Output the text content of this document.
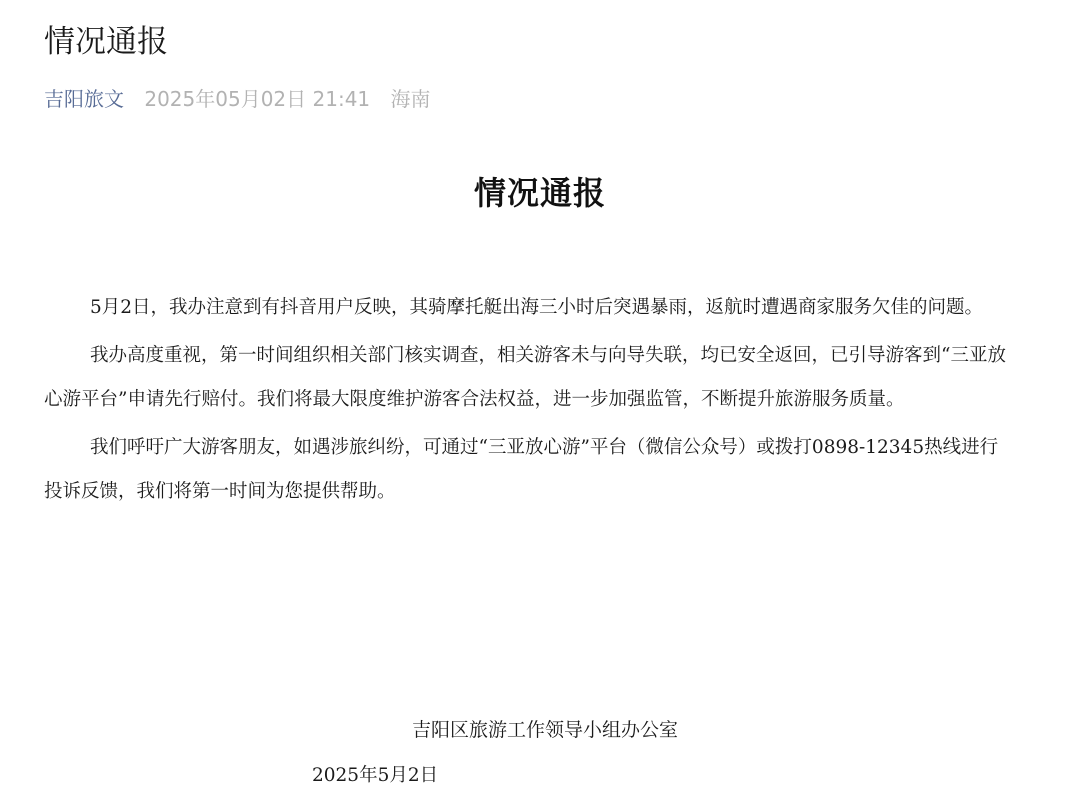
情况通报
吉阳旅文 2025年05月02日 21:41 海南
情况通报

5月2日，我办注意到有抖音用户反映，其骑摩托艇出海三小时后突遇暴雨，返航时遭遇商家服务欠佳的问题。

我办高度重视，第一时间组织相关部门核实调查，相关游客未与向导失联，均已安全返回，已引导游客到“三亚放心游平台”申请先行赔付。我们将最大限度维护游客合法权益，进一步加强监管，不断提升旅游服务质量。

我们呼吁广大游客朋友，如遇涉旅纠纷，可通过“三亚放心游”平台（微信公众号）或拨打0898-12345热线进行投诉反馈，我们将第一时间为您提供帮助。

吉阳区旅游工作领导小组办公室
2025年5月2日
